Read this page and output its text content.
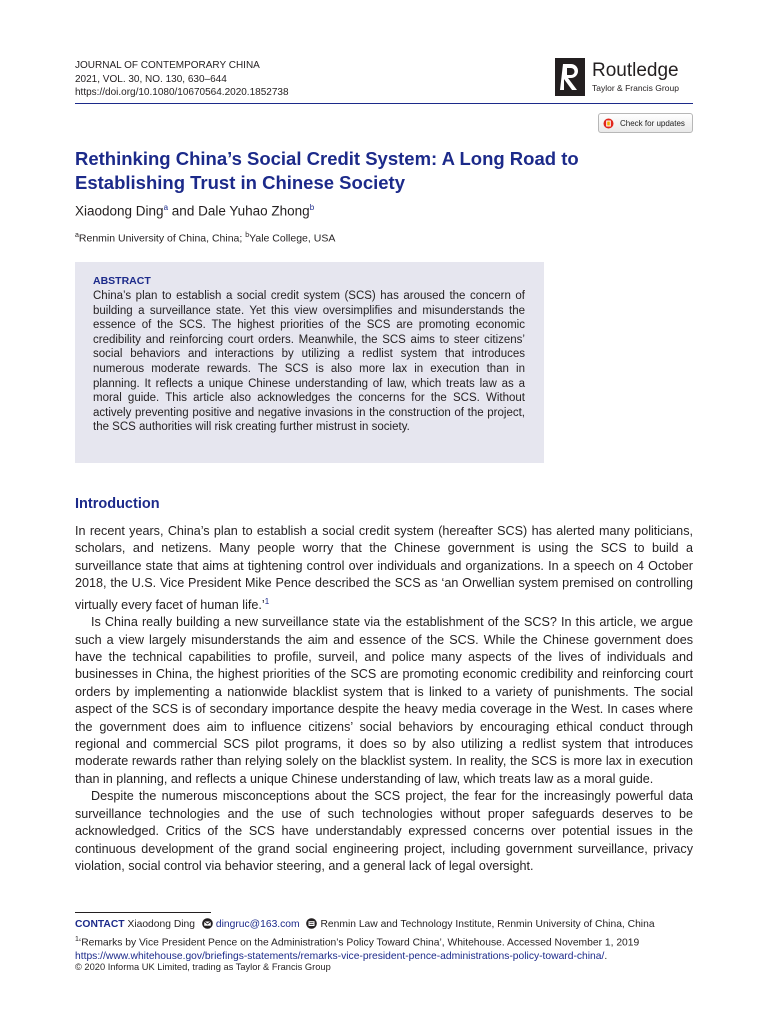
JOURNAL OF CONTEMPORARY CHINA
2021, VOL. 30, NO. 130, 630–644
https://doi.org/10.1080/10670564.2020.1852738
Routledge
Taylor & Francis Group
Check for updates
Rethinking China’s Social Credit System: A Long Road to Establishing Trust in Chinese Society
Xiaodong Ding$^a$ and Dale Yuhao Zhong$^b$
$^a$Renmin University of China, China; $^b$Yale College, USA
ABSTRACT
China’s plan to establish a social credit system (SCS) has aroused the concern of building a surveillance state. Yet this view oversimplifies and misunderstands the essence of the SCS. The highest priorities of the SCS are promoting economic credibility and reinforcing court orders. Meanwhile, the SCS aims to steer citizens’ social behaviors and interactions by utilizing a redlist system that introduces numerous moderate rewards. The SCS is also more lax in execution than in planning. It reflects a unique Chinese understanding of law, which treats law as a moral guide. This article also acknowledges the concerns for the SCS. Without actively preventing positive and negative invasions in the construction of the project, the SCS authorities will risk creating further mistrust in society.
Introduction

In recent years, China’s plan to establish a social credit system (hereafter SCS) has alerted many politicians, scholars, and netizens. Many people worry that the Chinese government is using the SCS to build a surveillance state that aims at tightening control over individuals and organizations. In a speech on 4 October 2018, the U.S. Vice President Mike Pence described the SCS as ‘an Orwellian system premised on controlling virtually every facet of human life.’$^1$

Is China really building a new surveillance state via the establishment of the SCS? In this article, we argue such a view largely misunderstands the aim and essence of the SCS. While the Chinese government does have the technical capabilities to profile, surveil, and police many aspects of the lives of individuals and businesses in China, the highest priorities of the SCS are promoting economic credibility and reinforcing court orders by implementing a nationwide blacklist system that is linked to a variety of punishments. The social aspect of the SCS is of secondary importance despite the heavy media coverage in the West. In cases where the government does aim to influence citizens’ social behaviors by encouraging ethical conduct through regional and commercial SCS pilot programs, it does so by also utilizing a redlist system that introduces moderate rewards rather than relying solely on the blacklist system. In reality, the SCS is more lax in execution than in planning, and reflects a unique Chinese understanding of law, which treats law as a moral guide.

Despite the numerous misconceptions about the SCS project, the fear for the increasingly powerful data surveillance technologies and the use of such technologies without proper safeguards deserves to be acknowledged. Critics of the SCS have understandably expressed concerns over potential issues in the continuous development of the grand social engineering project, including government surveillance, privacy violation, social control via behavior steering, and a general lack of legal oversight.

CONTACT Xiaodong Ding dingruc@163.com Renmin Law and Technology Institute, Renmin University of China, China
$^1$‘Remarks by Vice President Pence on the Administration’s Policy Toward China’, Whitehouse. Accessed November 1, 2019
https://www.whitehouse.gov/briefings-statements/remarks-vice-president-pence-administrations-policy-toward-china/.
© 2020 Informa UK Limited, trading as Taylor & Francis Group
